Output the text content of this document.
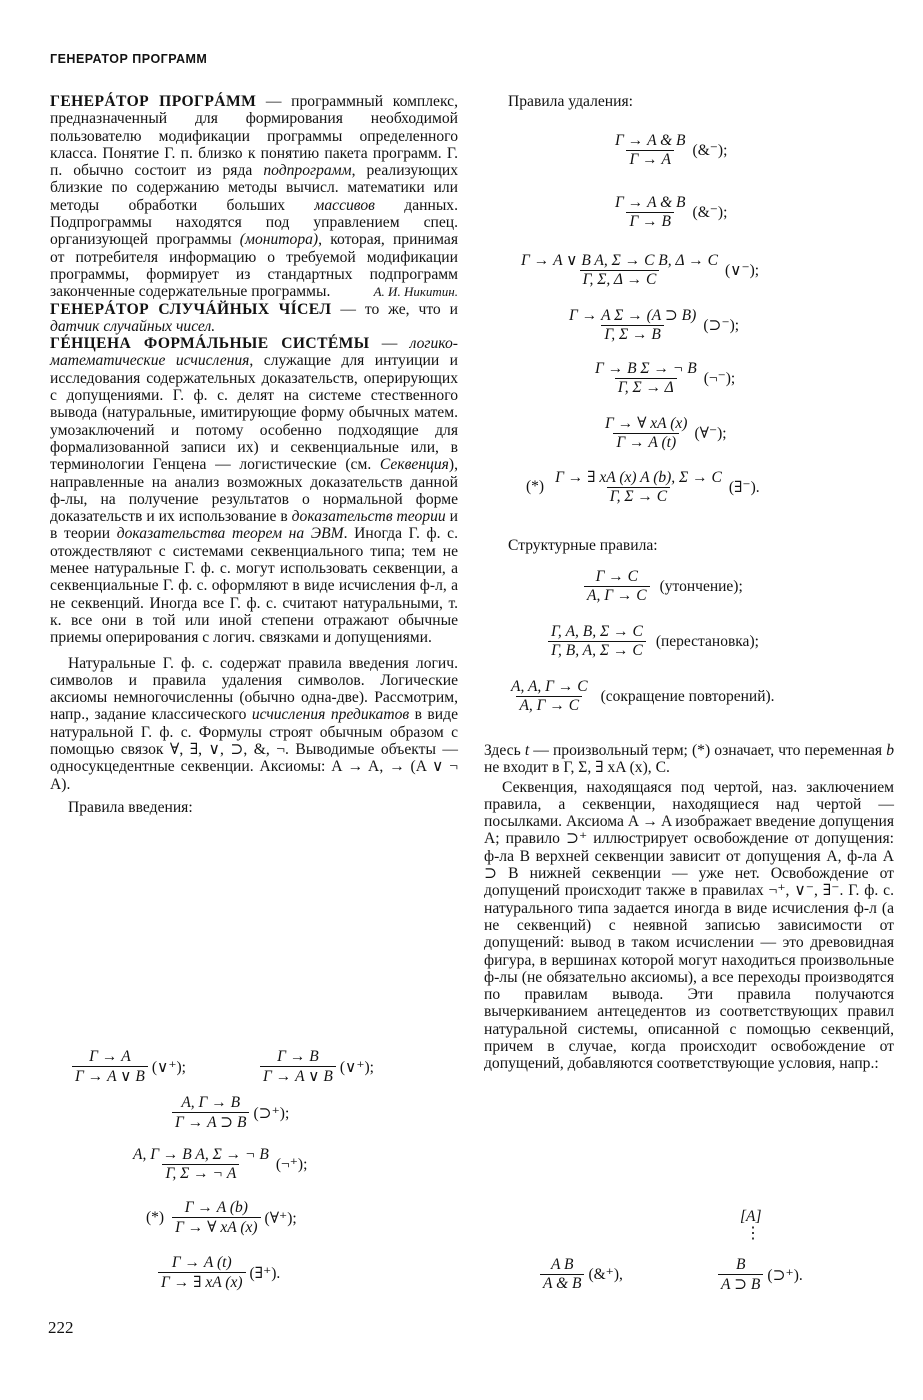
ГЕНЕРАТОР ПРОГРАММ

ГЕНЕРÁТОР ПРОГРÁММ — программный комплекс, предназначенный для формирования необходимой пользователю модификации программы определенного класса. Понятие Г. п. близко к понятию пакета программ. Г. п. обычно состоит из ряда подпрограмм, реализующих близкие по содержанию методы вычисл. математики или методы обработки больших массивов данных. Подпрограммы находятся под управлением спец. организующей программы (монитора), которая, принимая от потребителя информацию о требуемой модификации программы, формирует из стандартных подпрограмм законченные содержательные программы.	А. И. Никитин.

ГЕНЕРÁТОР СЛУЧÁЙНЫХ ЧÍСЕЛ — то же, что и датчик случайных чисел.

ГÉНЦЕНА ФОРМÁЛЬНЫЕ СИСТÉМЫ — логико-математические исчисления, служащие для интуиции и исследования содержательных доказательств, оперирующих с допущениями. Г. ф. с. делят на системе стественного вывода (натуральные, имитирующие форму обычных матем. умозаключений и потому особенно подходящие для формализованной записи их) и секвенциальные или, в терминологии Генцена — логистические (см. Секвенция), направленные на анализ возможных доказательств данной ф-лы, на получение результатов о нормальной форме доказательств и их использование в доказательств теории и в теории доказательства теорем на ЭВМ. Иногда Г. ф. с. отождествляют с системами секвенциального типа; тем не менее натуральные Г. ф. с. могут использовать секвенции, а секвенциальные Г. ф. с. оформляют в виде исчисления ф-л, а не секвенций. Иногда все Г. ф. с. считают натуральными, т. к. все они в той или иной степени отражают обычные приемы оперирования с логич. связками и допущениями.

Натуральные Г. ф. с. содержат правила введения логич. символов и правила удаления символов. Логические аксиомы немногочисленны (обычно одна-две). Рассмотрим, напр., задание классического исчисления предикатов в виде натуральной Г. ф. с. Формулы строят обычным образом с помощью связок ∀, ∃, ∨, ⊃, &, ¬. Выводимые объекты — односукцедентные секвенции. Аксиомы: A → A, → (A ∨ ¬ A).

Правила введения:

$\frac{\Gamma \to A}{\Gamma \to A \vee B}$ (∨⁺);	$\frac{\Gamma \to B}{\Gamma \to A \vee B}$ (∨⁺);
$\frac{A, \Gamma \to B}{\Gamma \to A ⊃ B}$ (⊃⁺);
$\frac{\text{A, Γ → B A, Σ → ¬ B}}{\Gamma, \Sigma \to \neg A}$ (¬⁺);
(*) $\frac{\Gamma \to A (b)}{\Gamma \to \forall xA (x)}$ (∀⁺);
$\frac{\Gamma \to A (t)}{\Gamma \to \exists xA (x)}$ (∃⁺).
Правила удаления:
$\frac{\Gamma \to A \& B}{\Gamma \to A}$ (&⁻);
$\frac{\Gamma \to A \& B}{\Gamma \to B}$ (&⁻);
$\frac{\text{Γ → A ∨ B A, Σ → C B, Δ → C}}{\Gamma, \Sigma, \Delta \to C}$ (∨⁻);
$\frac{\text{Γ → A Σ → (A ⊃ B)}}{\Gamma, \Sigma \to B}$ (⊃⁻);
$\frac{\text{Γ → B Σ → ¬ B}}{\Gamma, \Sigma \to \Delta}$ (¬⁻);
$\frac{\Gamma \to \forall xA (x)}{\Gamma \to A (t)}$ (∀⁻);
(*) $\frac{\Gamma \to \exists xA (x) A (b), \Sigma \to C}{\Gamma, \Sigma \to C}$ (∃⁻).
Структурные правила:
$\frac{\Gamma \to C}{A, \Gamma \to C}$ (утончение);
$\frac{\Gamma, A, B, \Sigma \to C}{\Gamma, B, A, \Sigma \to C}$ (перестановка);
$\frac{A, A, \Gamma \to C}{A, \Gamma \to C}$ (сокращение повторений).

Здесь t — произвольный терм; (*) означает, что переменная b не входит в Γ, Σ, ∃ xA (x), C.

Секвенция, находящаяся под чертой, наз. заключением правила, а секвенции, находящиеся над чертой — посылками. Аксиома A → A изображает введение допущения A; правило ⊃⁺ иллюстрирует освобождение от допущения: ф-ла B верхней секвенции зависит от допущения A, ф-ла A ⊃ B нижней секвенции — уже нет. Освобождение от допущений происходит также в правилах ¬⁺, ∨⁻, ∃⁻. Г. ф. с. натурального типа задается иногда в виде исчисления ф-л (а не секвенций) с неявной записью зависимости от допущений: вывод в таком исчислении — это древовидная фигура, в вершинах которой могут находиться произвольные ф-лы (не обязательно аксиомы), а все переходы производятся по правилам вывода. Эти правила получаются вычеркиванием антецедентов из соответствующих правил натуральной системы, описанной с помощью секвенций, причем в случае, когда происходит освобождение от допущений, добавляются соответствующие условия, напр.:

$\frac{\text{A B}}{A \& B}$ (&⁺),
[A]
⋮
$\frac{B}{A ⊃ B}$ (⊃⁺).
222
